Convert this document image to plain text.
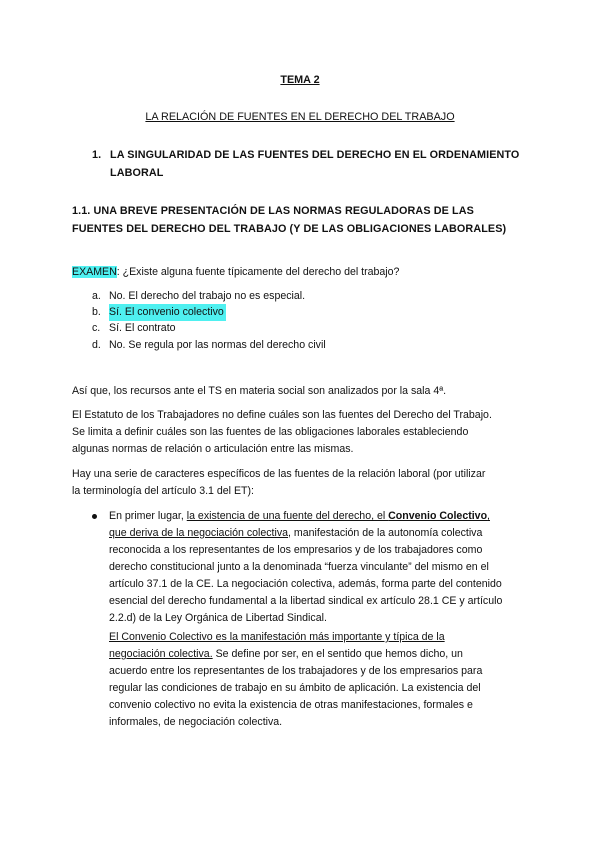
TEMA 2
LA RELACIÓN DE FUENTES EN EL DERECHO DEL TRABAJO
1. LA SINGULARIDAD DE LAS FUENTES DEL DERECHO EN EL ORDENAMIENTO
LABORAL
1.1. UNA BREVE PRESENTACIÓN DE LAS NORMAS REGULADORAS DE LAS
FUENTES DEL DERECHO DEL TRABAJO (Y DE LAS OBLIGACIONES LABORALES)
EXAMEN: ¿Existe alguna fuente típicamente del derecho del trabajo?
a. No. El derecho del trabajo no es especial.
b. Sí. El convenio colectivo
c. Sí. El contrato
d. No. Se regula por las normas del derecho civil
Así que, los recursos ante el TS en materia social son analizados por la sala 4ª.
El Estatuto de los Trabajadores no define cuáles son las fuentes del Derecho del Trabajo.
Se limita a definir cuáles son las fuentes de las obligaciones laborales estableciendo
algunas normas de relación o articulación entre las mismas.
Hay una serie de caracteres específicos de las fuentes de la relación laboral (por utilizar
la terminología del artículo 3.1 del ET):
En primer lugar, la existencia de una fuente del derecho, el Convenio Colectivo,
que deriva de la negociación colectiva, manifestación de la autonomía colectiva
reconocida a los representantes de los empresarios y de los trabajadores como
derecho constitucional junto a la denominada “fuerza vinculante” del mismo en el
artículo 37.1 de la CE. La negociación colectiva, además, forma parte del contenido
esencial del derecho fundamental a la libertad sindical ex artículo 28.1 CE y artículo
2.2.d) de la Ley Orgánica de Libertad Sindical.
El Convenio Colectivo es la manifestación más importante y típica de la
negociación colectiva. Se define por ser, en el sentido que hemos dicho, un
acuerdo entre los representantes de los trabajadores y de los empresarios para
regular las condiciones de trabajo en su ámbito de aplicación. La existencia del
convenio colectivo no evita la existencia de otras manifestaciones, formales e
informales, de negociación colectiva.
